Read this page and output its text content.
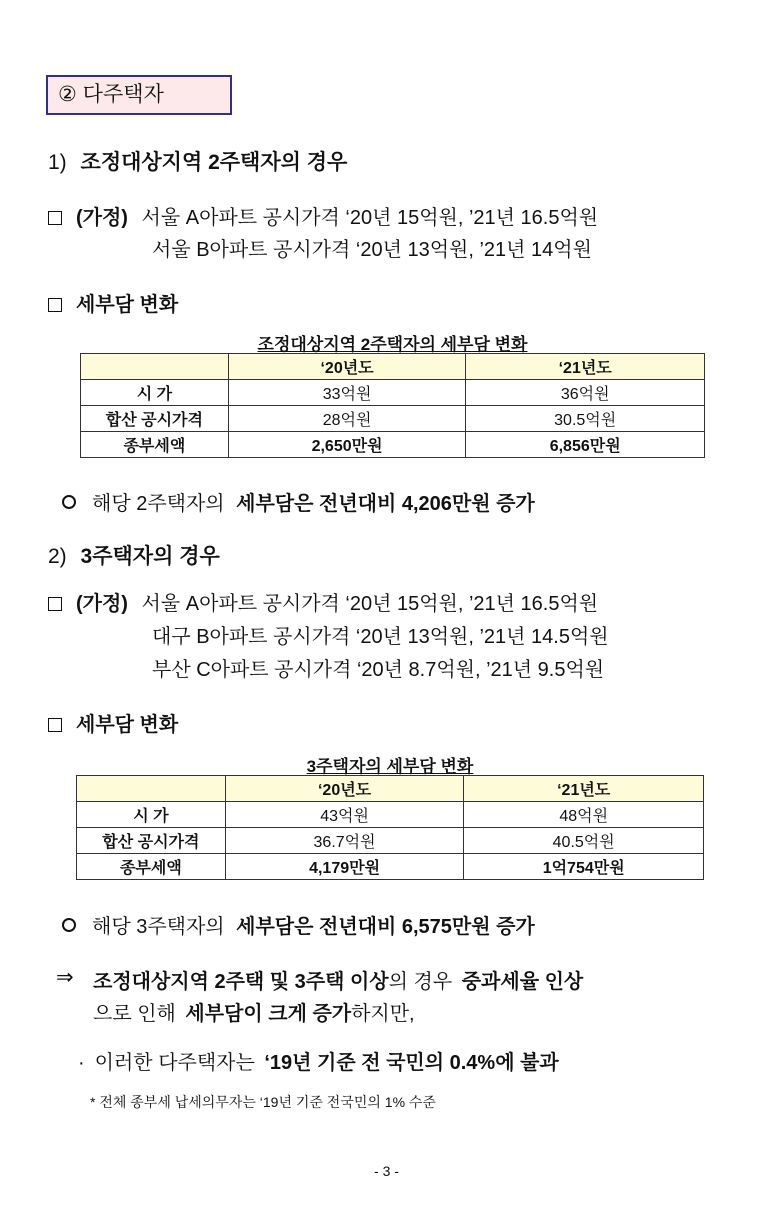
② 다주택자
1) 조정대상지역 2주택자의 경우
(가정) 서울 A아파트 공시가격 ‘20년 15억원, ’21년 16.5억원
서울 B아파트 공시가격 ‘20년 13억원, ’21년 14억원
세부담 변화
조정대상지역 2주택자의 세부담 변화
	‘20년도	‘21년도
시 가	33억원	36억원
합산 공시가격	28억원	30.5억원
종부세액	2,650만원	6,856만원
해당 2주택자의 세부담은 전년대비 4,206만원 증가
2) 3주택자의 경우
(가정) 서울 A아파트 공시가격 ‘20년 15억원, ’21년 16.5억원
대구 B아파트 공시가격 ‘20년 13억원, ’21년 14.5억원
부산 C아파트 공시가격 ‘20년 8.7억원, ’21년 9.5억원
세부담 변화
3주택자의 세부담 변화
	‘20년도	‘21년도
시 가	43억원	48억원
합산 공시가격	36.7억원	40.5억원
종부세액	4,179만원	1억754만원
해당 3주택자의 세부담은 전년대비 6,575만원 증가
⇒ 조정대상지역 2주택 및 3주택 이상의 경우 중과세율 인상
으로 인해 세부담이 크게 증가하지만,
· 이러한 다주택자는 ‘19년 기준 전 국민의 0.4%에 불과
* 전체 종부세 납세의무자는 ‘19년 기준 전국민의 1% 수준
- 3 -
